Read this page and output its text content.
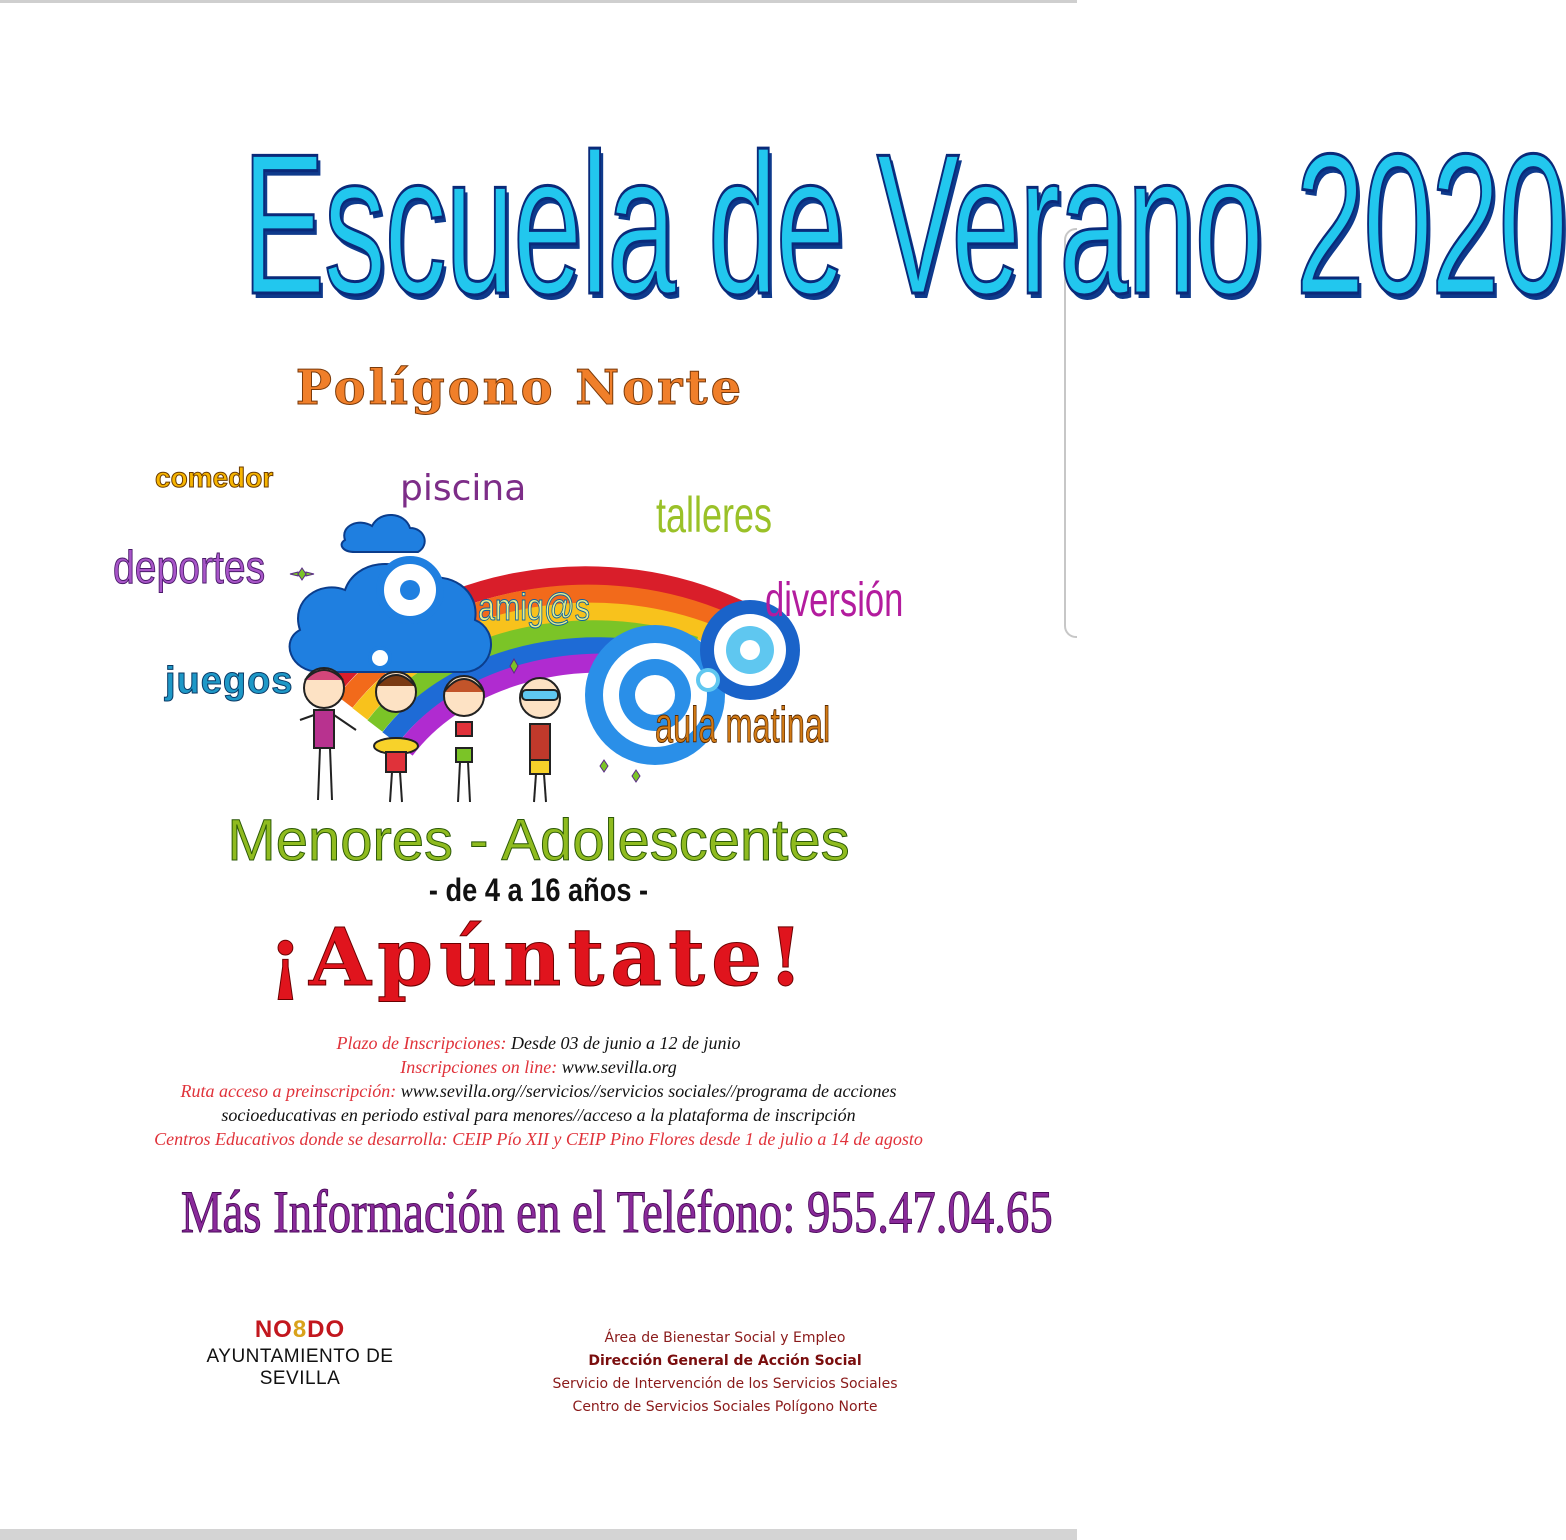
Escuela de Verano 2020
Polígono Norte
comedor	piscina	talleres
deportes
diversión
amig@s
juegos
aula matinal
Menores - Adolescentes
- de 4 a 16 años -
¡Apúntate!
Plazo de Inscripciones: Desde 03 de junio a 12 de junio
Inscripciones on line: www.sevilla.org
Ruta acceso a preinscripción: www.sevilla.org//servicios//servicios sociales//programa de acciones
socioeducativas en periodo estival para menores//acceso a la plataforma de inscripción
Centros Educativos donde se desarrolla: CEIP Pío XII y CEIP Pino Flores desde 1 de julio a 14 de agosto
Más Información en el Teléfono: 955.47.04.65
NO8DO
AYUNTAMIENTO DE SEVILLA
Área de Bienestar Social y Empleo
Dirección General de Acción Social
Servicio de Intervención de los Servicios Sociales
Centro de Servicios Sociales Polígono Norte
